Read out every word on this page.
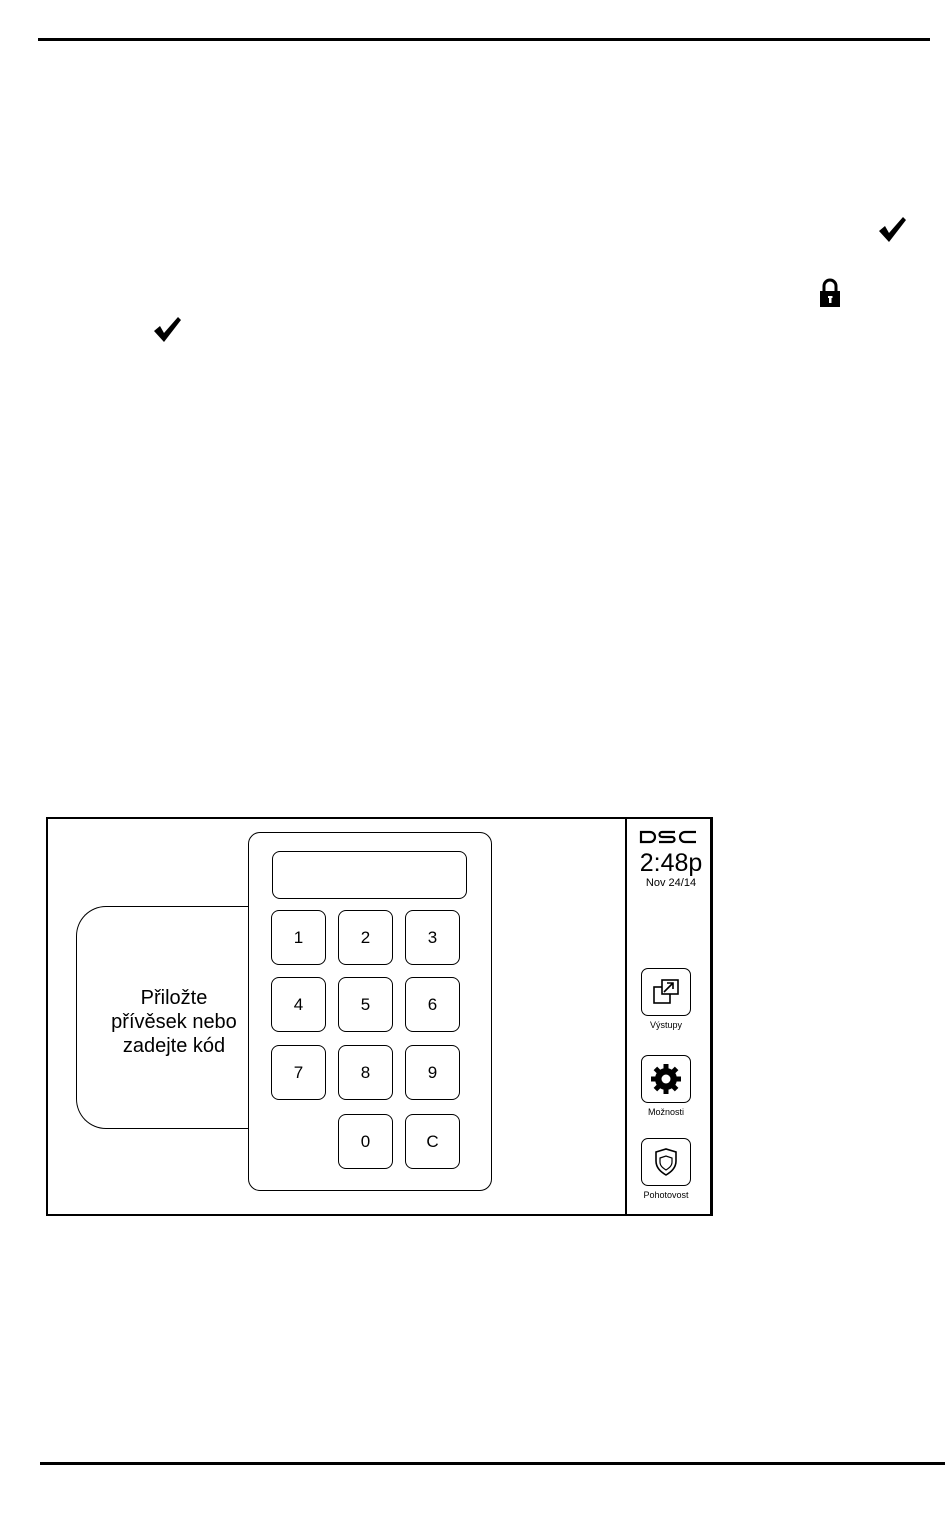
Přiložte
přívěsek nebo
zadejte kód
1	2	3
4	5	6
7	8	9
0	C
2:48p
Nov 24/14
Výstupy
Možnosti
Pohotovost
